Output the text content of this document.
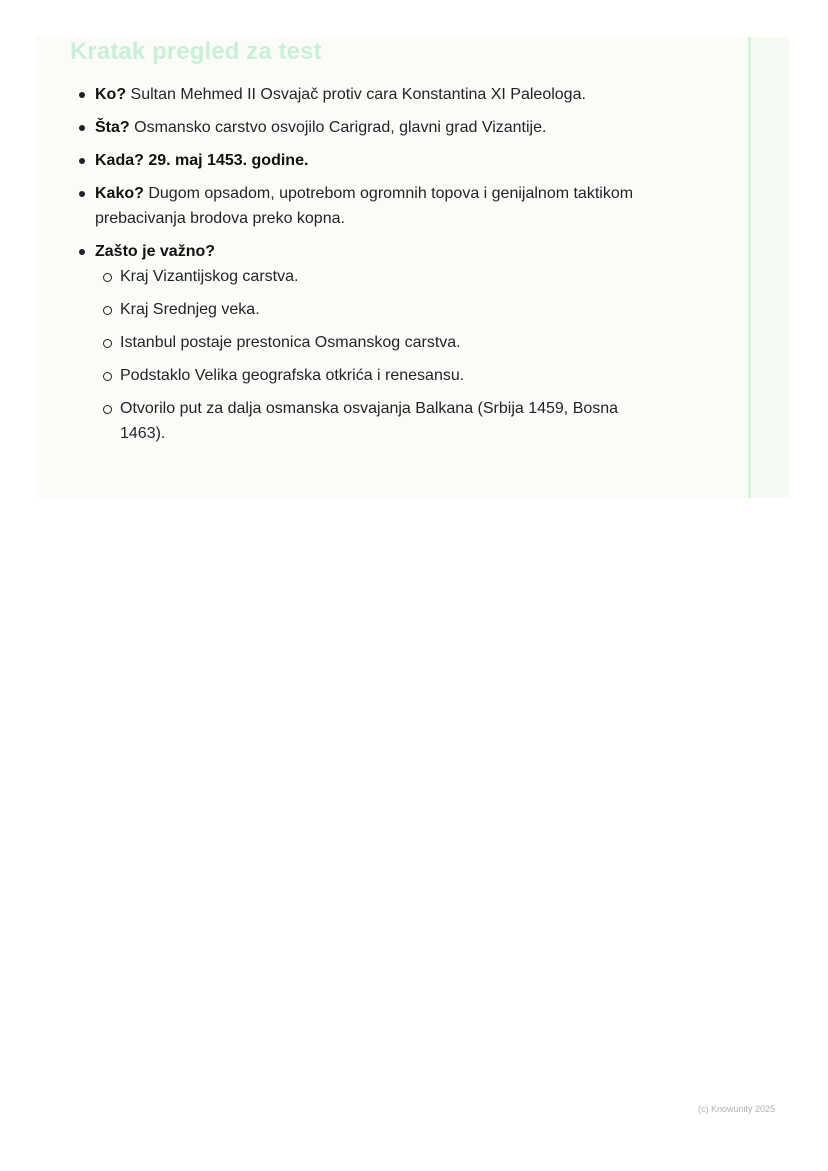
Kratak pregled za test
Ko? Sultan Mehmed II Osvajač protiv cara Konstantina XI Paleologa.
Šta? Osmansko carstvo osvojilo Carigrad, glavni grad Vizantije.
Kada? 29. maj 1453. godine.
Kako? Dugom opsadom, upotrebom ogromnih topova i genijalnom taktikom prebacivanja brodova preko kopna.
Zašto je važno?
Kraj Vizantijskog carstva.
Kraj Srednjeg veka.
Istanbul postaje prestonica Osmanskog carstva.
Podstaklo Velika geografska otkrića i renesansu.
Otvorilo put za dalja osmanska osvajanja Balkana (Srbija 1459, Bosna 1463).
(c) Knowunity 2025
